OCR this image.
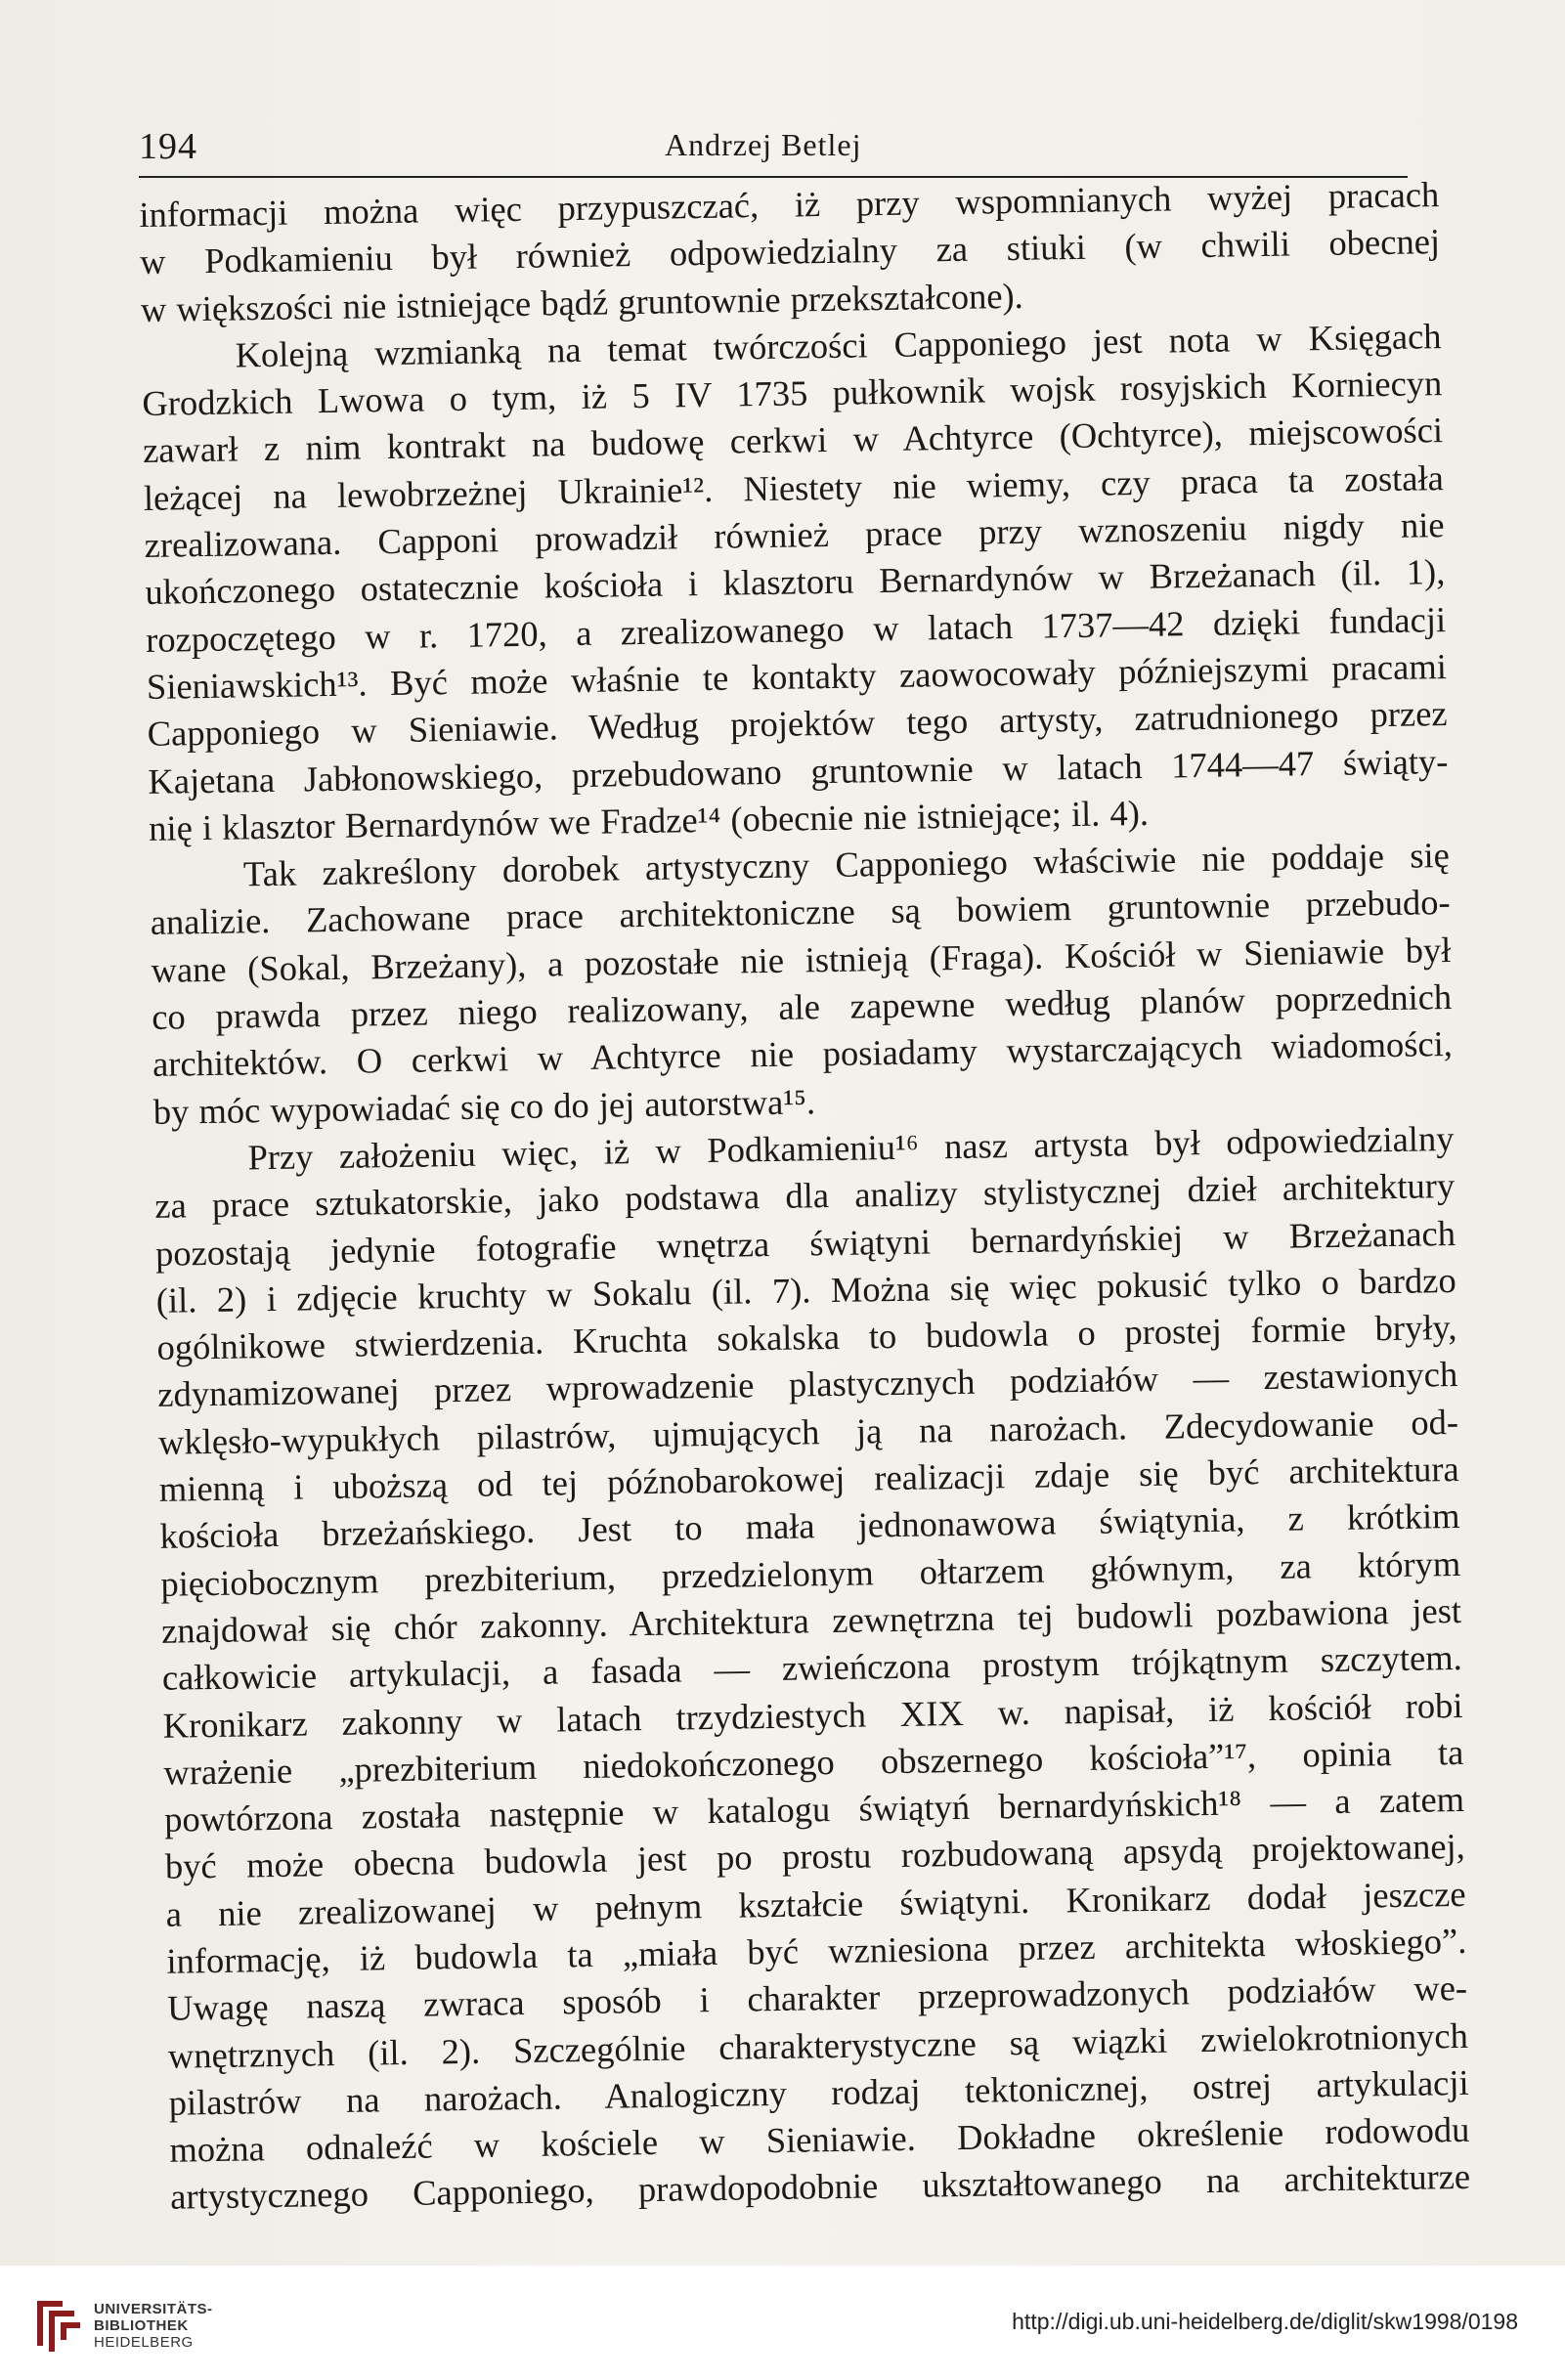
194	Andrzej Betlej
informacji można więc przypuszczać, iż przy wspomnianych wyżej pracach
w Podkamieniu był również odpowiedzialny za stiuki (w chwili obecnej
w większości nie istniejące bądź gruntownie przekształcone).
Kolejną wzmianką na temat twórczości Capponiego jest nota w Księgach
Grodzkich Lwowa o tym, iż 5 IV 1735 pułkownik wojsk rosyjskich Korniecyn
zawarł z nim kontrakt na budowę cerkwi w Achtyrce (Ochtyrce), miejscowości
leżącej na lewobrzeżnej Ukrainie¹². Niestety nie wiemy, czy praca ta została
zrealizowana. Capponi prowadził również prace przy wznoszeniu nigdy nie
ukończonego ostatecznie kościoła i klasztoru Bernardynów w Brzeżanach (il. 1),
rozpoczętego w r. 1720, a zrealizowanego w latach 1737—42 dzięki fundacji
Sieniawskich¹³. Być może właśnie te kontakty zaowocowały późniejszymi pracami
Capponiego w Sieniawie. Według projektów tego artysty, zatrudnionego przez
Kajetana Jabłonowskiego, przebudowano gruntownie w latach 1744—47 świąty-
nię i klasztor Bernardynów we Fradze¹⁴ (obecnie nie istniejące; il. 4).
Tak zakreślony dorobek artystyczny Capponiego właściwie nie poddaje się
analizie. Zachowane prace architektoniczne są bowiem gruntownie przebudo-
wane (Sokal, Brzeżany), a pozostałe nie istnieją (Fraga). Kościół w Sieniawie był
co prawda przez niego realizowany, ale zapewne według planów poprzednich
architektów. O cerkwi w Achtyrce nie posiadamy wystarczających wiadomości,
by móc wypowiadać się co do jej autorstwa¹⁵.
Przy założeniu więc, iż w Podkamieniu¹⁶ nasz artysta był odpowiedzialny
za prace sztukatorskie, jako podstawa dla analizy stylistycznej dzieł architektury
pozostają jedynie fotografie wnętrza świątyni bernardyńskiej w Brzeżanach
(il. 2) i zdjęcie kruchty w Sokalu (il. 7). Można się więc pokusić tylko o bardzo
ogólnikowe stwierdzenia. Kruchta sokalska to budowla o prostej formie bryły,
zdynamizowanej przez wprowadzenie plastycznych podziałów — zestawionych
wklęsło-wypukłych pilastrów, ujmujących ją na narożach. Zdecydowanie od-
mienną i uboższą od tej późnobarokowej realizacji zdaje się być architektura
kościoła brzeżańskiego. Jest to mała jednonawowa świątynia, z krótkim
pięciobocznym prezbiterium, przedzielonym ołtarzem głównym, za którym
znajdował się chór zakonny. Architektura zewnętrzna tej budowli pozbawiona jest
całkowicie artykulacji, a fasada — zwieńczona prostym trójkątnym szczytem.
Kronikarz zakonny w latach trzydziestych XIX w. napisał, iż kościół robi
wrażenie „prezbiterium niedokończonego obszernego kościoła”¹⁷, opinia ta
powtórzona została następnie w katalogu świątyń bernardyńskich¹⁸ — a zatem
być może obecna budowla jest po prostu rozbudowaną apsydą projektowanej,
a nie zrealizowanej w pełnym kształcie świątyni. Kronikarz dodał jeszcze
informację, iż budowla ta „miała być wzniesiona przez architekta włoskiego”.
Uwagę naszą zwraca sposób i charakter przeprowadzonych podziałów we-
wnętrznych (il. 2). Szczególnie charakterystyczne są wiązki zwielokrotnionych
pilastrów na narożach. Analogiczny rodzaj tektonicznej, ostrej artykulacji
można odnaleźć w kościele w Sieniawie. Dokładne określenie rodowodu
artystycznego Capponiego, prawdopodobnie ukształtowanego na architekturze
UNIVERSITÄTS-
BIBLIOTHEK
HEIDELBERG
http://digi.ub.uni-heidelberg.de/diglit/skw1998/0198
